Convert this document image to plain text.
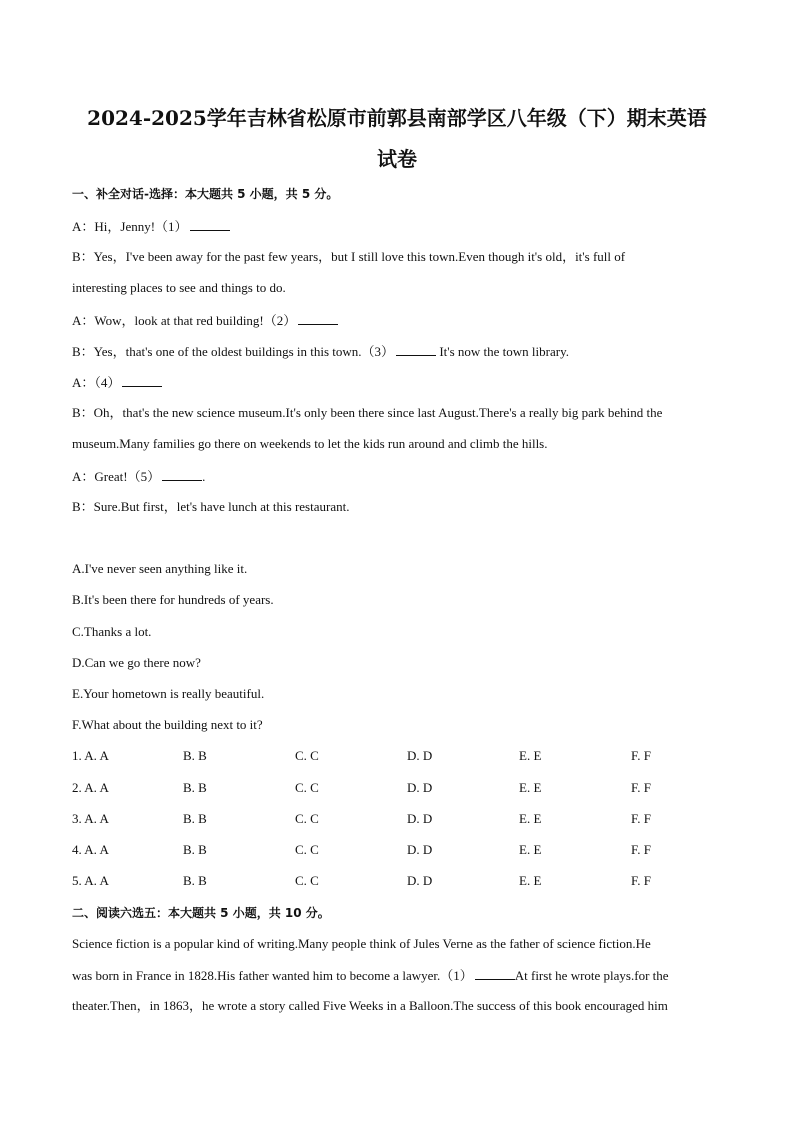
2024-2025学年吉林省松原市前郭县南部学区八年级（下）期末英语
试卷
一、补全对话-选择：本大题共 5 小题，共 5 分。
A：Hi，Jenny!（1）
B：Yes，I've been away for the past few years，but I still love this town.Even though it's old，it's full of
interesting places to see and things to do.
A：Wow，look at that red building!（2）
B：Yes，that's one of the oldest buildings in this town.（3）	It's now the town library.
A：（4）
B：Oh，that's the new science museum.It's only been there since last August.There's a really big park behind the
museum.Many families go there on weekends to let the kids run around and climb the hills.
A：Great!（5）	.
B：Sure.But first，let's have lunch at this restaurant.
A.I've never seen anything like it.
B.It's been there for hundreds of years.
C.Thanks a lot.
D.Can we go there now?
E.Your hometown is really beautiful.
F.What about the building next to it?
1. A. A	B. B	C. C	D. D	E. E	F. F
2. A. A	B. B	C. C	D. D	E. E	F. F
3. A. A	B. B	C. C	D. D	E. E	F. F
4. A. A	B. B	C. C	D. D	E. E	F. F
5. A. A	B. B	C. C	D. D	E. E	F. F
二、阅读六选五：本大题共 5 小题，共 10 分。
Science fiction is a popular kind of writing.Many people think of Jules Verne as the father of science fiction.He
was born in France in 1828.His father wanted him to become a lawyer.（1）	At first he wrote plays.for the
theater.Then，in 1863，he wrote a story called Five Weeks in a Balloon.The success of this book encouraged him
